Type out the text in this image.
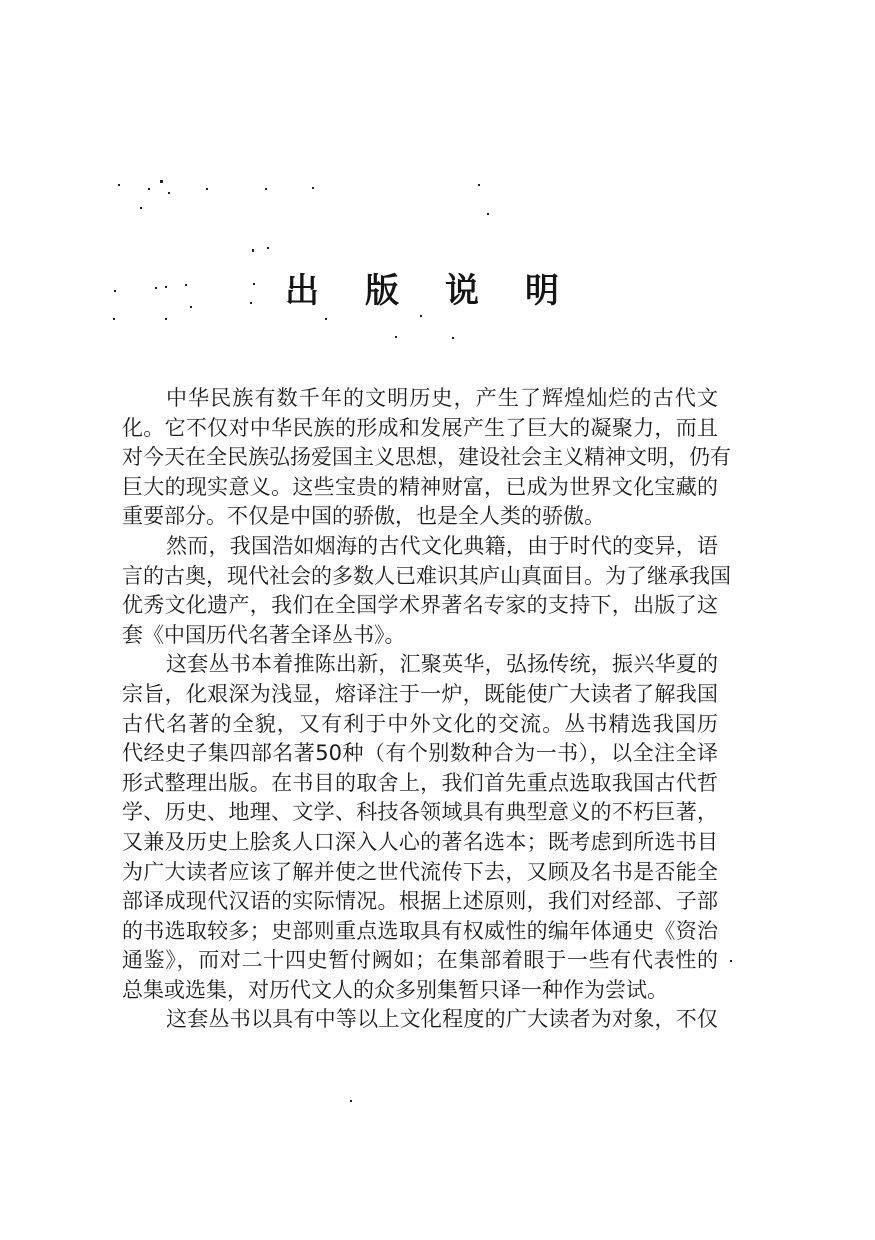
出 版 说 明
中华民族有数千年的文明历史，产生了辉煌灿烂的古代文
化。它不仅对中华民族的形成和发展产生了巨大的凝聚力，而且
对今天在全民族弘扬爱国主义思想，建设社会主义精神文明，仍有
巨大的现实意义。这些宝贵的精神财富，已成为世界文化宝藏的
重要部分。不仅是中国的骄傲，也是全人类的骄傲。
然而，我国浩如烟海的古代文化典籍，由于时代的变异，语
言的古奥，现代社会的多数人已难识其庐山真面目。为了继承我国
优秀文化遗产，我们在全国学术界著名专家的支持下，出版了这
套《中国历代名著全译丛书》。
这套丛书本着推陈出新，汇聚英华，弘扬传统，振兴华夏的
宗旨，化艰深为浅显，熔译注于一炉，既能使广大读者了解我国
古代名著的全貌，又有利于中外文化的交流。丛书精选我国历
代经史子集四部名著50种（有个别数种合为一书），以全注全译
形式整理出版。在书目的取舍上，我们首先重点选取我国古代哲
学、历史、地理、文学、科技各领域具有典型意义的不朽巨著，
又兼及历史上脍炙人口深入人心的著名选本；既考虑到所选书目
为广大读者应该了解并使之世代流传下去，又顾及名书是否能全
部译成现代汉语的实际情况。根据上述原则，我们对经部、子部
的书选取较多；史部则重点选取具有权威性的编年体通史《资治
通鉴》，而对二十四史暂付阙如；在集部着眼于一些有代表性的
总集或选集，对历代文人的众多别集暂只译一种作为尝试。
这套丛书以具有中等以上文化程度的广大读者为对象，不仅
